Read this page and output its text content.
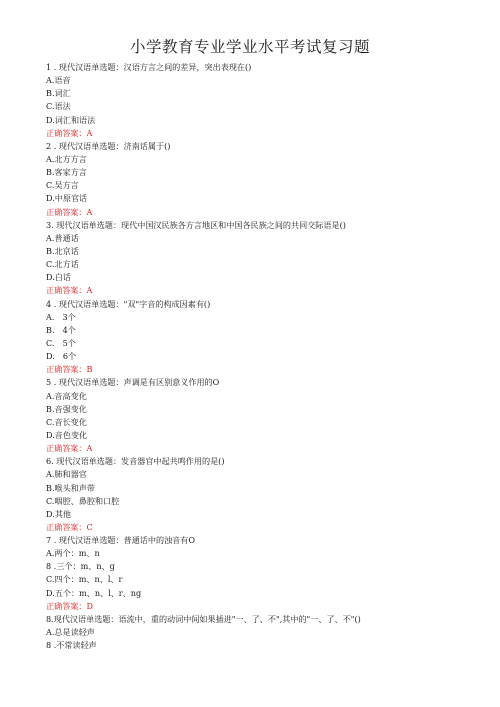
小学教育专业学业水平考试复习题
1 . 现代汉语单选题：汉语方言之间的差异，突出表现在()
A.语音
B.词汇
C.语法
D.词汇和语法
正确答案：A
2 . 现代汉语单选题：济南话属于()
A.北方方言
B.客家方言
C.吴方言
D.中原官话
正确答案：A
3. 现代汉语单选题：现代中国汉民族各方言地区和中国各民族之间的共同交际语是()
A.普通话
B.北京话
C.北方话
D.白话
正确答案：A
4 . 现代汉语单选题："双"字音的构成因素有()
A.　3个
B.　4个
C.　5个
D.　6个
正确答案：B
5 . 现代汉语单选题：声调是有区别意义作用的O
A.音高变化
B.音强变化
C.音长变化
D.音色变化
正确答案：A
6. 现代汉语单选题：发音器官中起共鸣作用的是()
A.肺和器官
B.喉头和声带
C.咽腔、鼻腔和口腔
D.其他
正确答案：C
7 . 现代汉语单选题：普通话中的浊音有O
A.两个：m、n
8 .三个：m、n、g
C.四个：m、n、l、r
D.五个：m、n、l、r、ng
正确答案：D
8.现代汉语单选题：语流中，重的动词中间如果插进"一、了、不",其中的"一、了、不"()
A.总是读轻声
8 .不常读轻声
